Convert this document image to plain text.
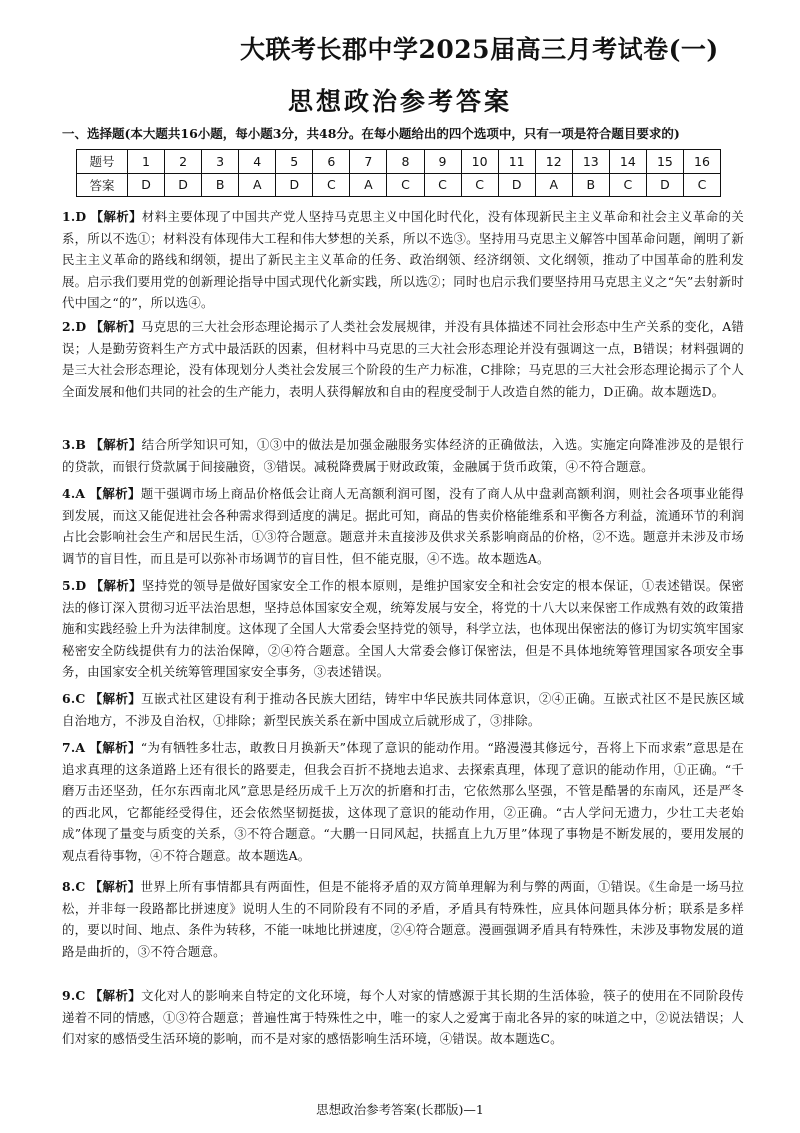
大联考长郡中学2025届高三月考试卷(一)
思想政治参考答案
一、选择题(本大题共16小题，每小题3分，共48分。在每小题给出的四个选项中，只有一项是符合题目要求的)
题号	1	2	3	4	5	6	7	8	9	10	11	12	13	14	15	16
答案	D	D	B	A	D	C	A	C	C	C	D	A	B	C	D	C
1.D 【解析】材料主要体现了中国共产党人坚持马克思主义中国化时代化，没有体现新民主主义革命和社会主义革命的关系，所以不选①；材料没有体现伟大工程和伟大梦想的关系，所以不选③。坚持用马克思主义解答中国革命问题，阐明了新民主主义革命的路线和纲领，提出了新民主主义革命的任务、政治纲领、经济纲领、文化纲领，推动了中国革命的胜利发展。启示我们要用党的创新理论指导中国式现代化新实践，所以选②；同时也启示我们要坚持用马克思主义之“矢”去射新时代中国之“的”，所以选④。
2.D 【解析】马克思的三大社会形态理论揭示了人类社会发展规律，并没有具体描述不同社会形态中生产关系的变化，A错误；人是勤劳资料生产方式中最活跃的因素，但材料中马克思的三大社会形态理论并没有强调这一点，B错误；材料强调的是三大社会形态理论，没有体现划分人类社会发展三个阶段的生产力标准，C排除；马克思的三大社会形态理论揭示了个人全面发展和他们共同的社会的生产能力，表明人获得解放和自由的程度受制于人改造自然的能力，D正确。故本题选D。
3.B 【解析】结合所学知识可知，①③中的做法是加强金融服务实体经济的正确做法，入选。实施定向降准涉及的是银行的贷款，而银行贷款属于间接融资，③错误。减税降费属于财政政策，金融属于货币政策，④不符合题意。
4.A 【解析】题干强调市场上商品价格低会让商人无高额利润可图，没有了商人从中盘剥高额利润，则社会各项事业能得到发展，而这又能促进社会各种需求得到适度的满足。据此可知，商品的售卖价格能维系和平衡各方利益，流通环节的利润占比会影响社会生产和居民生活，①③符合题意。题意并未直接涉及供求关系影响商品的价格，②不选。题意并未涉及市场调节的盲目性，而且是可以弥补市场调节的盲目性，但不能克服，④不选。故本题选A。
5.D 【解析】坚持党的领导是做好国家安全工作的根本原则，是维护国家安全和社会安定的根本保证，①表述错误。保密法的修订深入贯彻习近平法治思想，坚持总体国家安全观，统筹发展与安全，将党的十八大以来保密工作成熟有效的政策措施和实践经验上升为法律制度。这体现了全国人大常委会坚持党的领导，科学立法，也体现出保密法的修订为切实筑牢国家秘密安全防线提供有力的法治保障，②④符合题意。全国人大常委会修订保密法，但是不具体地统筹管理国家各项安全事务，由国家安全机关统筹管理国家安全事务，③表述错误。
6.C 【解析】互嵌式社区建设有利于推动各民族大团结，铸牢中华民族共同体意识，②④正确。互嵌式社区不是民族区域自治地方，不涉及自治权，①排除；新型民族关系在新中国成立后就形成了，③排除。
7.A 【解析】“为有牺牲多壮志，敢教日月换新天”体现了意识的能动作用。“路漫漫其修远兮，吾将上下而求索”意思是在追求真理的这条道路上还有很长的路要走，但我会百折不挠地去追求、去探索真理，体现了意识的能动作用，①正确。“千磨万击还坚劲，任尔东西南北风”意思是经历成千上万次的折磨和打击，它依然那么坚强，不管是酷暑的东南风，还是严冬的西北风，它都能经受得住，还会依然坚韧挺拔，这体现了意识的能动作用，②正确。“古人学问无遗力，少壮工夫老始成”体现了量变与质变的关系，③不符合题意。“大鹏一日同风起，扶摇直上九万里”体现了事物是不断发展的，要用发展的观点看待事物，④不符合题意。故本题选A。
8.C 【解析】世界上所有事情都具有两面性，但是不能将矛盾的双方简单理解为利与弊的两面，①错误。《生命是一场马拉松，并非每一段路都比拼速度》说明人生的不同阶段有不同的矛盾，矛盾具有特殊性，应具体问题具体分析；联系是多样的，要以时间、地点、条件为转移，不能一味地比拼速度，②④符合题意。漫画强调矛盾具有特殊性，未涉及事物发展的道路是曲折的，③不符合题意。
9.C 【解析】文化对人的影响来自特定的文化环境，每个人对家的情感源于其长期的生活体验，筷子的使用在不同阶段传递着不同的情感，①③符合题意；普遍性寓于特殊性之中，唯一的家人之爱寓于南北各异的家的味道之中，②说法错误；人们对家的感悟受生活环境的影响，而不是对家的感悟影响生活环境，④错误。故本题选C。
思想政治参考答案(长郡版)—1
